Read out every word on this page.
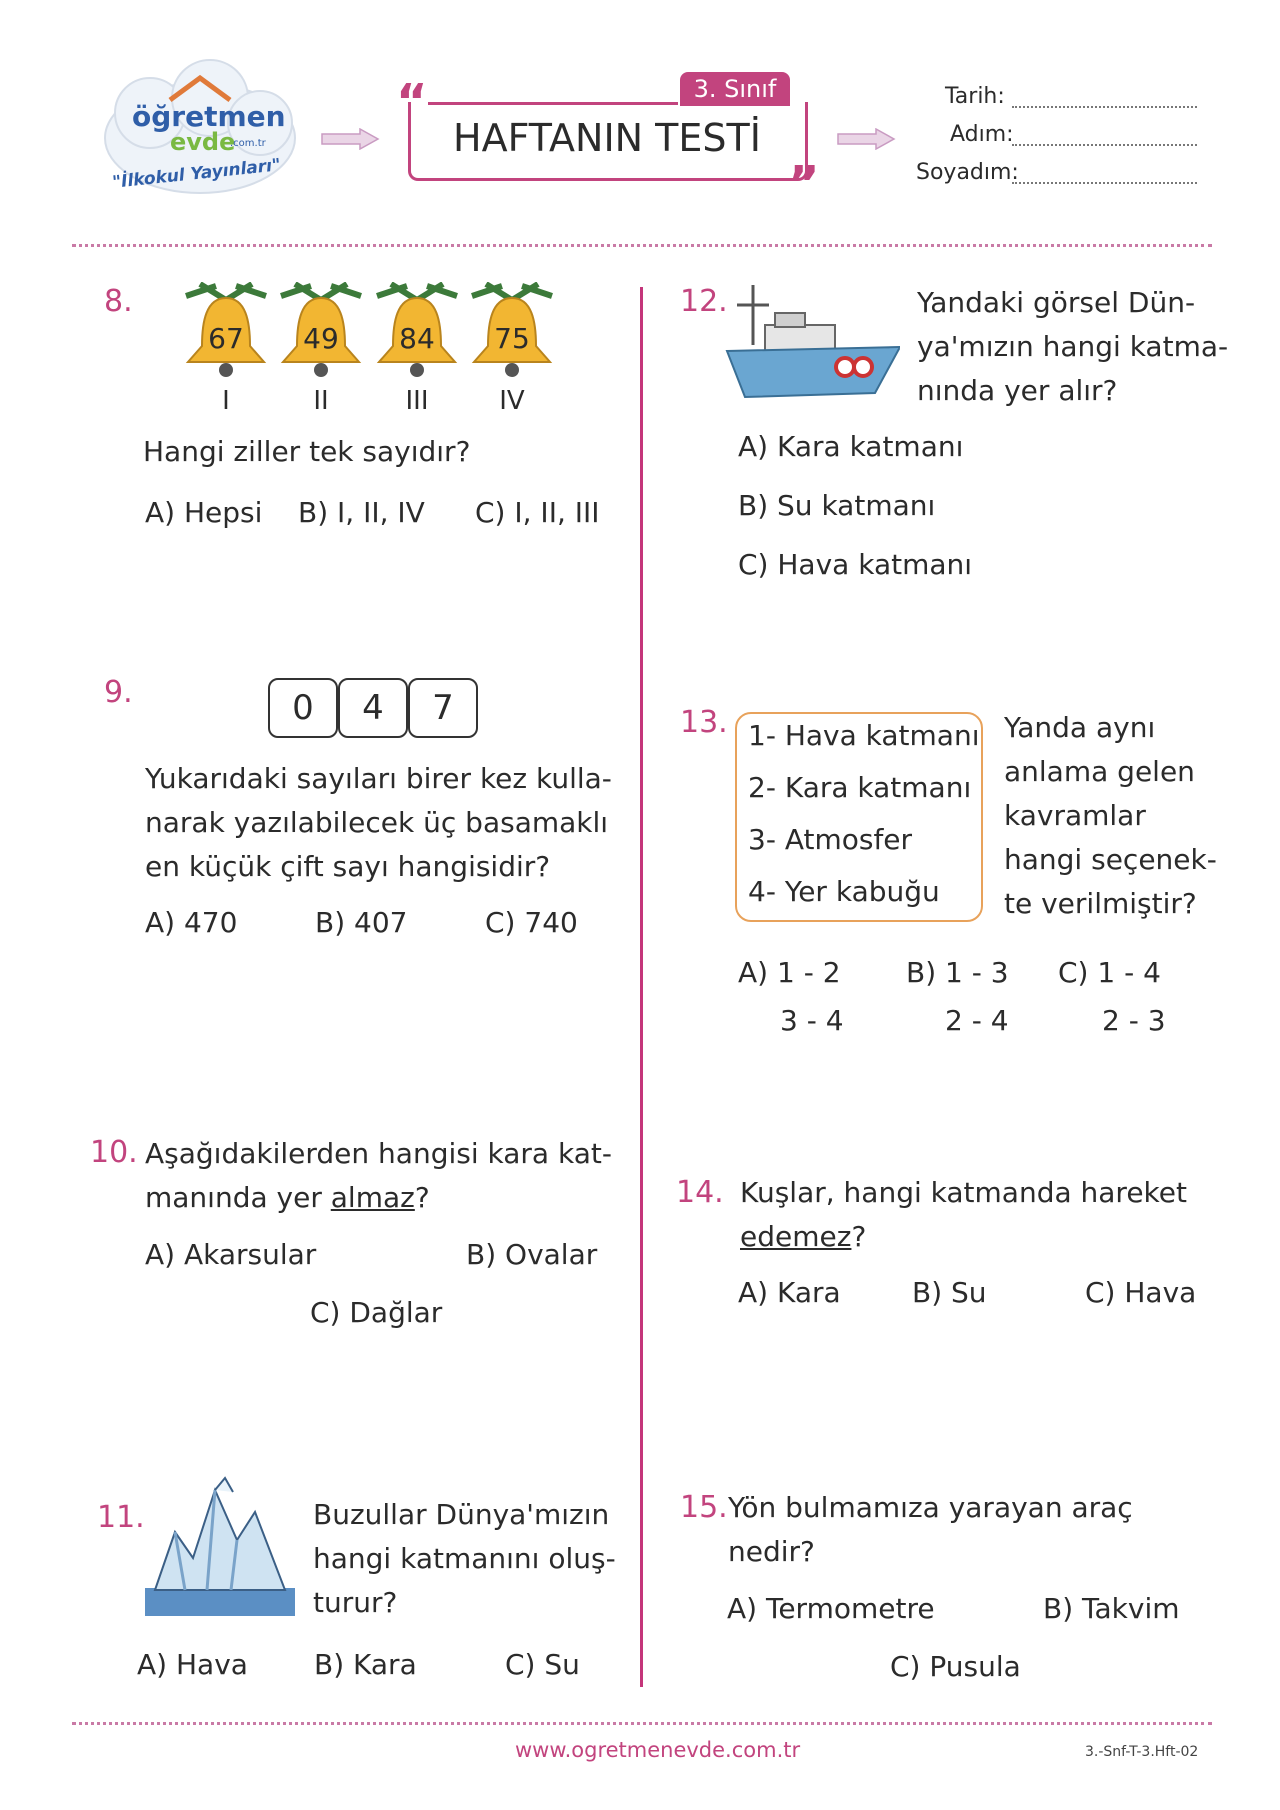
öğretmen
evde
.com.tr
"İlkokul Yayınları"
“
”
3. Sınıf
HAFTANIN TESTİ
Tarih:
Adım:
Soyadım:
8.
67
I
49
II
84
III
75
IV
Hangi ziller tek sayıdır?
A) Hepsi B) I, II, IV C) I, II, III
9.	0	4	7
Yukarıdaki sayıları birer kez kulla-
narak yazılabilecek üç basamaklı
en küçük çift sayı hangisidir?
A) 470	B) 407	C) 740
10. Aşağıdakilerden hangisi kara kat-
manında yer almaz?
A) Akarsular	B) Ovalar
C) Dağlar
11.	Buzullar Dünya'mızın
hangi katmanını oluş-
turur?
A) Hava B) Kara	C) Su
12.	Yandaki görsel Dün-
ya'mızın hangi katma-
nında yer alır?
A) Kara katmanı
B) Su katmanı
C) Hava katmanı
13. 1- Hava katmanı
2- Kara katmanı
3- Atmosfer
4- Yer kabuğu
Yanda aynı
anlama gelen
kavramlar
hangi seçenek-
te verilmiştir?
A) 1 - 2
3 - 4
B) 1 - 3
2 - 4
C) 1 - 4
2 - 3
14. Kuşlar, hangi katmanda hareket
edemez?
A) Kara	B) Su	C) Hava
15. Yön bulmamıza yarayan araç
nedir?
A) Termometre	B) Takvim
C) Pusula
www.ogretmenevde.com.tr	3.-Snf-T-3.Hft-02
